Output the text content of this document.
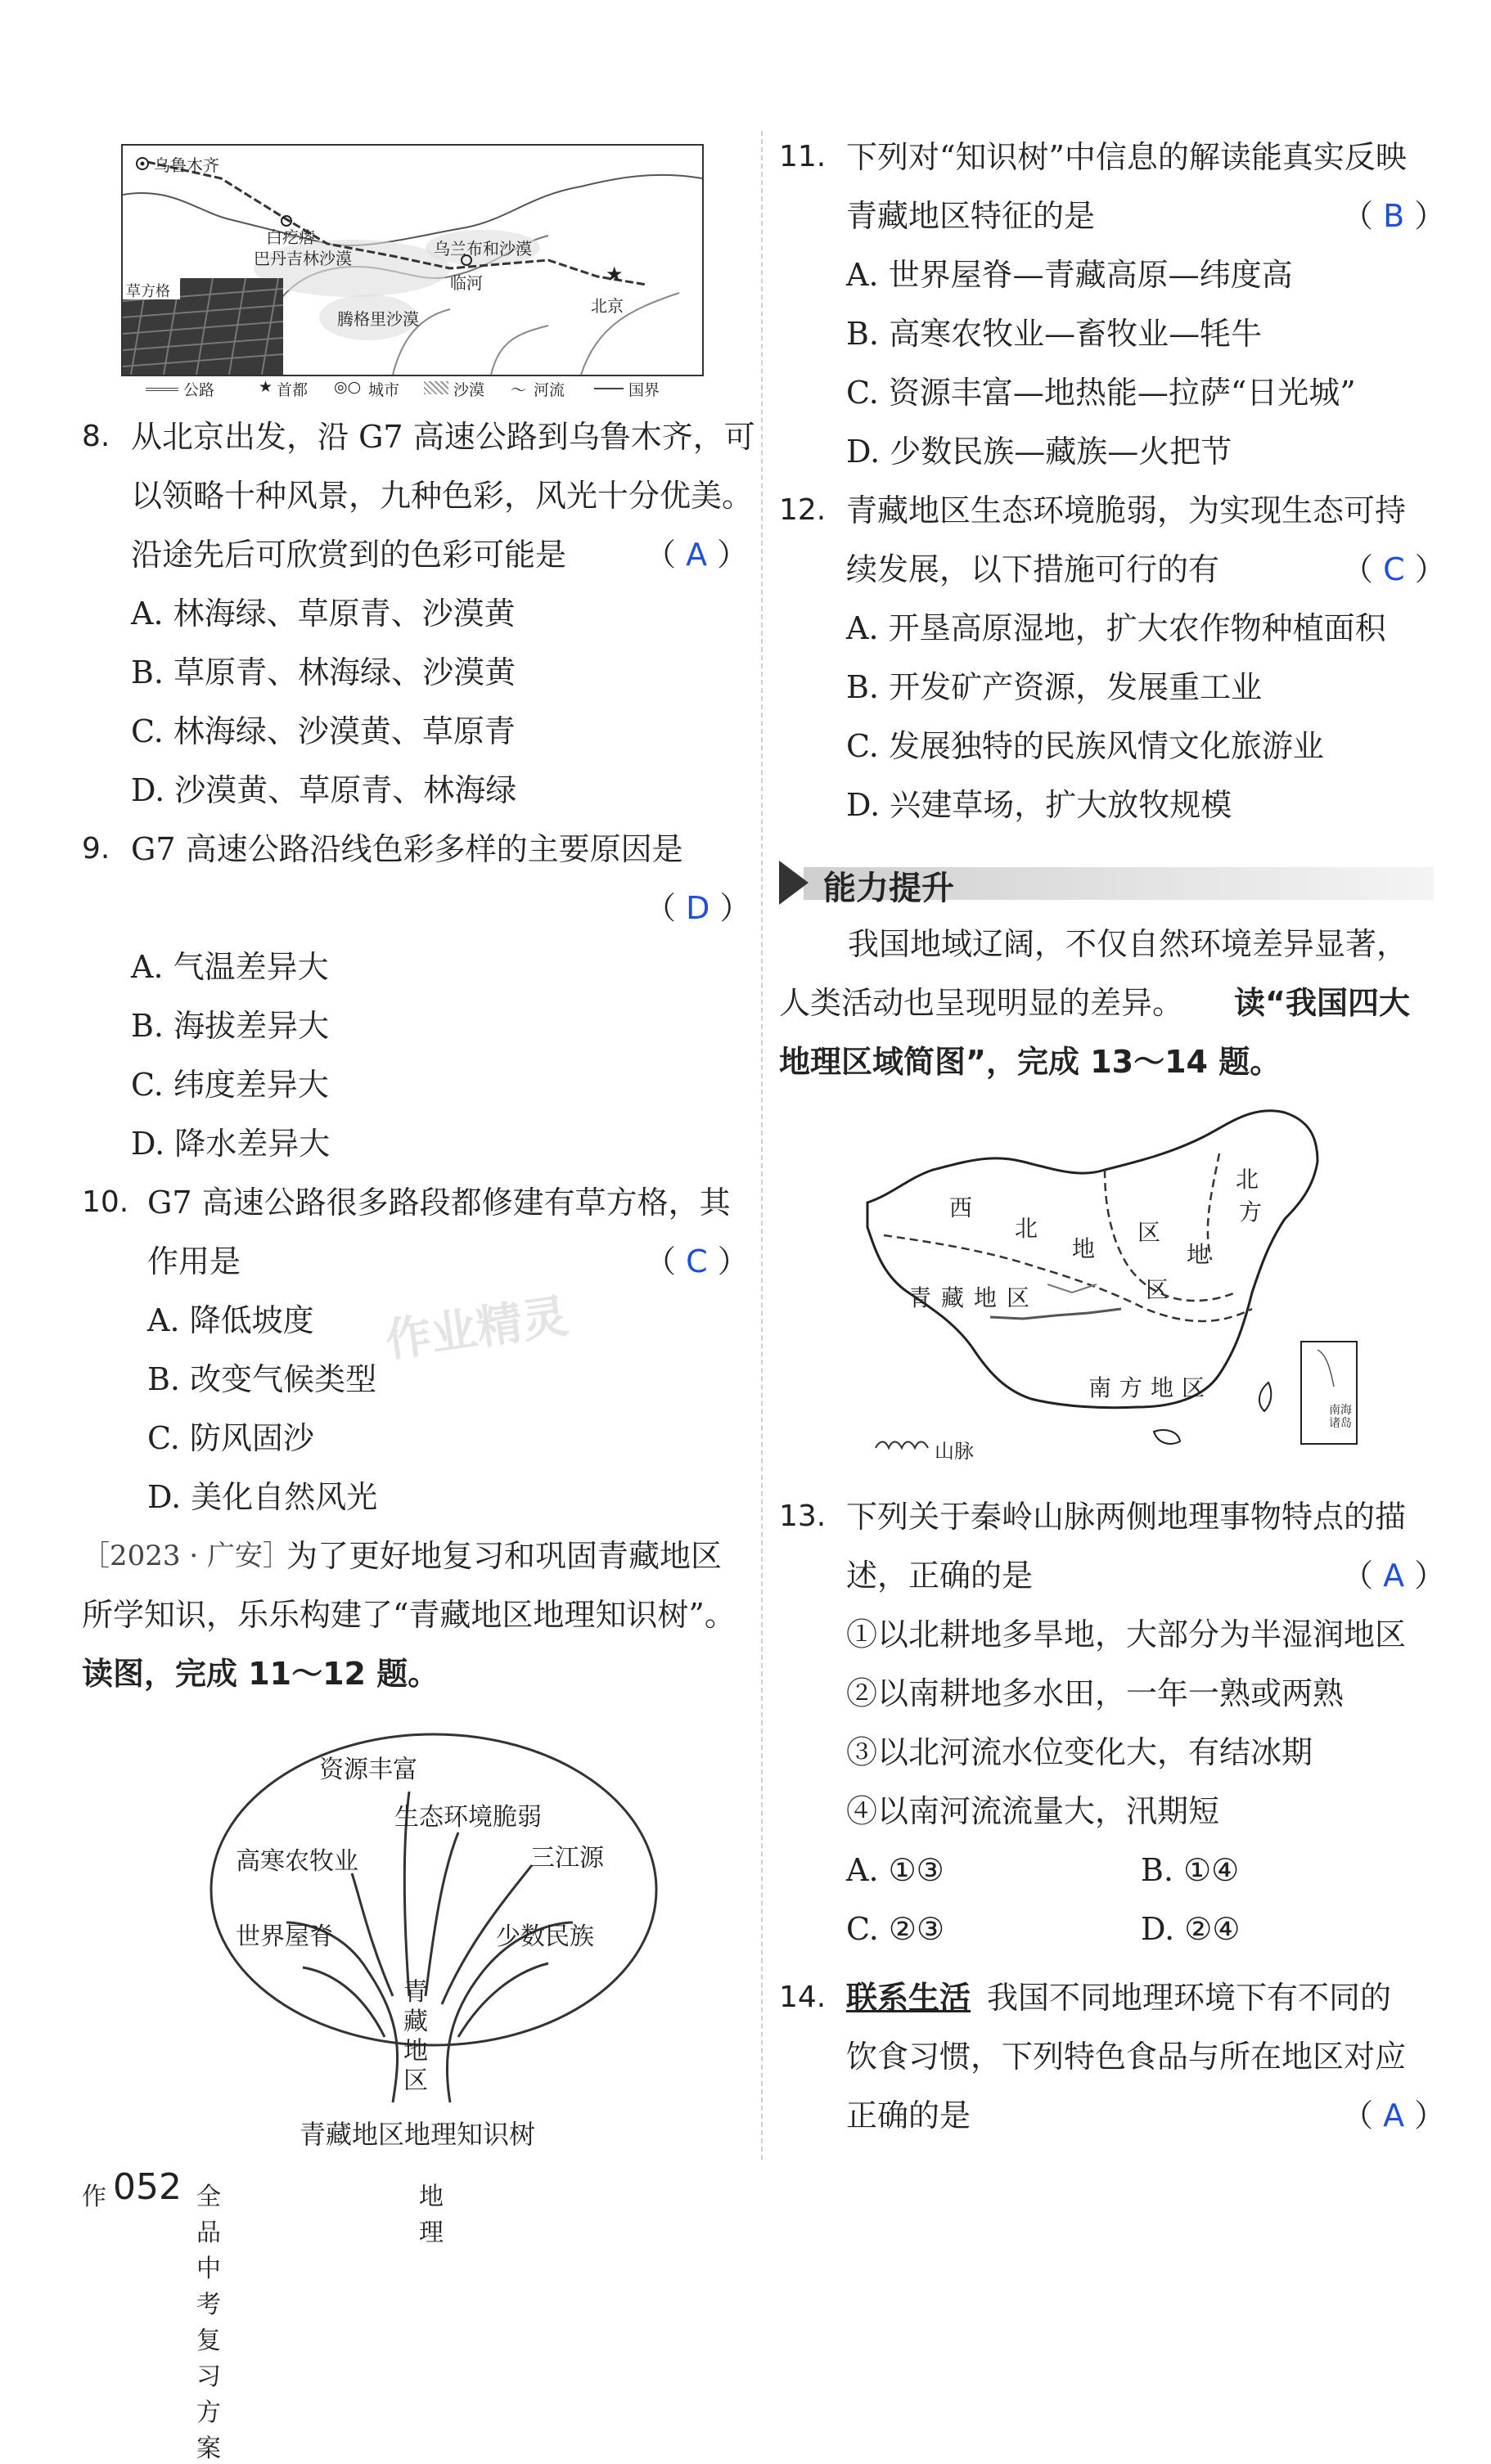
★
乌鲁木齐
白疙瘩
巴丹吉林沙漠
腾格里沙漠
乌兰布和沙漠
临河
北京
草方格
公路	★ 首都 ◎○ 城市	沙漠 〜 河流	国界
8. 从北京出发，沿 G7 高速公路到乌鲁木齐，可
以领略十种风景，九种色彩，风光十分优美。
沿途先后可欣赏到的色彩可能是	（ A ）
A. 林海绿、草原青、沙漠黄
B. 草原青、林海绿、沙漠黄
C. 林海绿、沙漠黄、草原青
D. 沙漠黄、草原青、林海绿
9. G7 高速公路沿线色彩多样的主要原因是
（ D ）
A. 气温差异大
B. 海拔差异大
C. 纬度差异大
D. 降水差异大
10. G7 高速公路很多路段都修建有草方格，其
作用是	（ C ）
A. 降低坡度
B. 改变气候类型
C. 防风固沙
D. 美化自然风光
作业精灵
［2023 · 广安］
为了更好地复习和巩固青藏地区
所学知识，乐乐构建了“青藏地区地理知识树”。
读图，完成 11～12 题。
资源丰富
生态环境脆弱
高寒农牧业	三江源
世界屋脊	少数民族
青
藏
地
区
青藏地区地理知识树
作 052 全品中考复习方案
地理
11. 下列对“知识树”中信息的解读能真实反映
青藏地区特征的是	（ B ）
A. 世界屋脊—青藏高原—纬度高
B. 高寒农牧业—畜牧业—牦牛
C. 资源丰富—地热能—拉萨“日光城”
D. 少数民族—藏族—火把节
12. 青藏地区生态环境脆弱，为实现生态可持
续发展，以下措施可行的有	（ C ）
A. 开垦高原湿地，扩大农作物种植面积
B. 开发矿产资源，发展重工业
C. 发展独特的民族风情文化旅游业
D. 兴建草场，扩大放牧规模
能力提升
我国地域辽阔，不仅自然环境差异显著，
人类活动也呈现明显的差异。 读“我国四大
地理区域简图”，完成 13～14 题。
西
北
地
区
北
方
地
区
青 藏 地 区
南 方 地 区
山脉
南海诸岛
13. 下列关于秦岭山脉两侧地理事物特点的描
述，正确的是	（ A ）
①以北耕地多旱地，大部分为半湿润地区
②以南耕地多水田，一年一熟或两熟
③以北河流水位变化大，有结冰期
④以南河流流量大，汛期短
A. ①③	B. ①④
C. ②③	D. ②④
14. 联系生活 我国不同地理环境下有不同的
饮食习惯，下列特色食品与所在地区对应
正确的是	（ A ）
